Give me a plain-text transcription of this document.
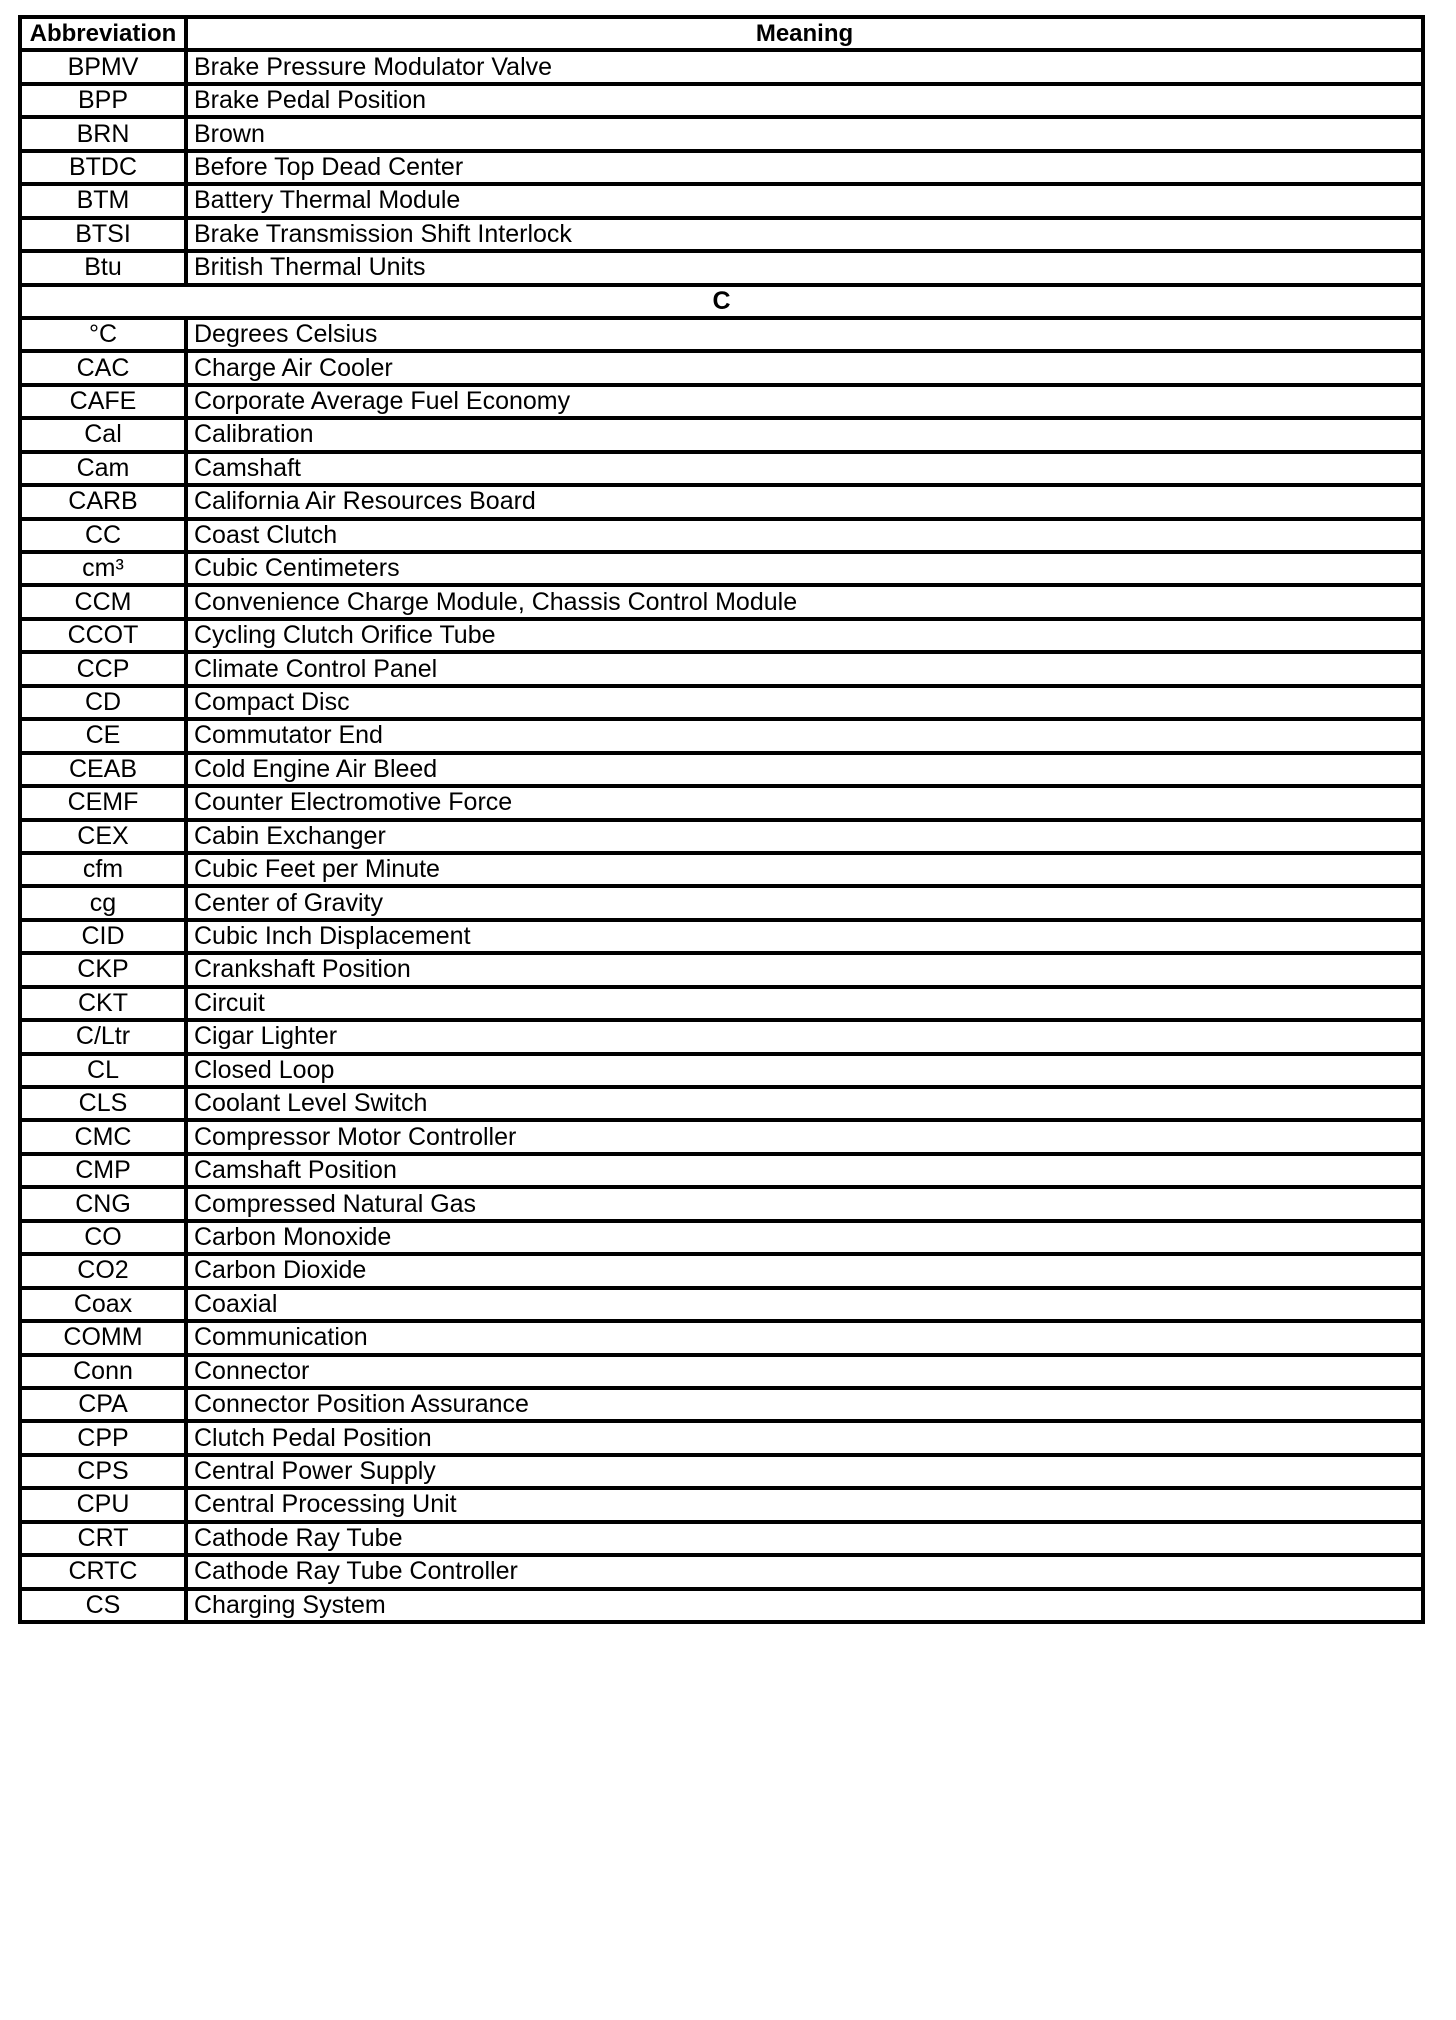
Abbreviation	Meaning
BPMV	Brake Pressure Modulator Valve
BPP	Brake Pedal Position
BRN	Brown
BTDC	Before Top Dead Center
BTM	Battery Thermal Module
BTSI	Brake Transmission Shift Interlock
Btu	British Thermal Units
C	
°C	Degrees Celsius
CAC	Charge Air Cooler
CAFE	Corporate Average Fuel Economy
Cal	Calibration
Cam	Camshaft
CARB	California Air Resources Board
CC	Coast Clutch
cm³	Cubic Centimeters
CCM	Convenience Charge Module, Chassis Control Module
CCOT	Cycling Clutch Orifice Tube
CCP	Climate Control Panel
CD	Compact Disc
CE	Commutator End
CEAB	Cold Engine Air Bleed
CEMF	Counter Electromotive Force
CEX	Cabin Exchanger
cfm	Cubic Feet per Minute
cg	Center of Gravity
CID	Cubic Inch Displacement
CKP	Crankshaft Position
CKT	Circuit
C/Ltr	Cigar Lighter
CL	Closed Loop
CLS	Coolant Level Switch
CMC	Compressor Motor Controller
CMP	Camshaft Position
CNG	Compressed Natural Gas
CO	Carbon Monoxide
CO2	Carbon Dioxide
Coax	Coaxial
COMM	Communication
Conn	Connector
CPA	Connector Position Assurance
CPP	Clutch Pedal Position
CPS	Central Power Supply
CPU	Central Processing Unit
CRT	Cathode Ray Tube
CRTC	Cathode Ray Tube Controller
CS	Charging System
